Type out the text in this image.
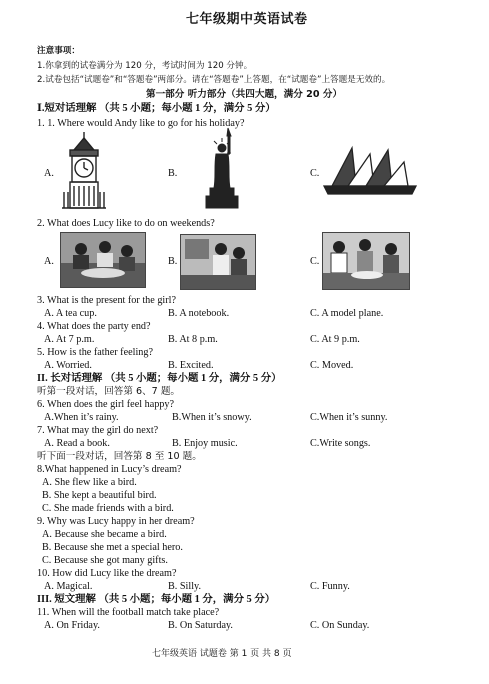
七年级期中英语试卷
注意事项：
1.你拿到的试卷满分为 120 分，考试时间为 120 分钟。
2.试卷包括“试题卷”和“答题卷”两部分。请在“答题卷”上答题，在“试题卷”上答题是无效的。
第一部分 听力部分（共四大题，满分 20 分）
Ⅰ.短对话理解 （共 5 小题；每小题 1 分，满分 5 分）
1. 1. Where would Andy like to go for his holiday?
A.	B.	C.
2. What does Lucy like to do on weekends?
A.	B.	C.
3. What is the present for the girl?
A. A tea cup.	B. A notebook.	C. A model plane.
4. What does the party end?
A. At 7 p.m.	B. At 8 p.m.	C. At 9 p.m.
5. How is the father feeling?
A. Worried.	B. Excited.	C. Moved.
II. 长对话理解 （共 5 小题；每小题 1 分，满分 5 分）
听第一段对话，回答第 6、7 题。
6. When does the girl feel happy?
A.When it’s rainy.	B.When it’s snowy.	C.When it’s sunny.
7. What may the girl do next?
A. Read a book.	B. Enjoy music.	C.Write songs.
听下面一段对话，回答第 8 至 10 题。
8.What happened in Lucy’s dream?
A. She flew like a bird.
B. She kept a beautiful bird.
C. She made friends with a bird.
9. Why was Lucy happy in her dream?
A. Because she became a bird.
B. Because she met a special hero.
C. Because she got many gifts.
10. How did Lucy like the dream?
A. Magical.	B. Silly.	C. Funny.
III. 短文理解 （共 5 小题；每小题 1 分，满分 5 分）
11. When will the football match take place?
A. On Friday.	B. On Saturday.	C. On Sunday.
七年级英语 试题卷 第 1 页 共 8 页
